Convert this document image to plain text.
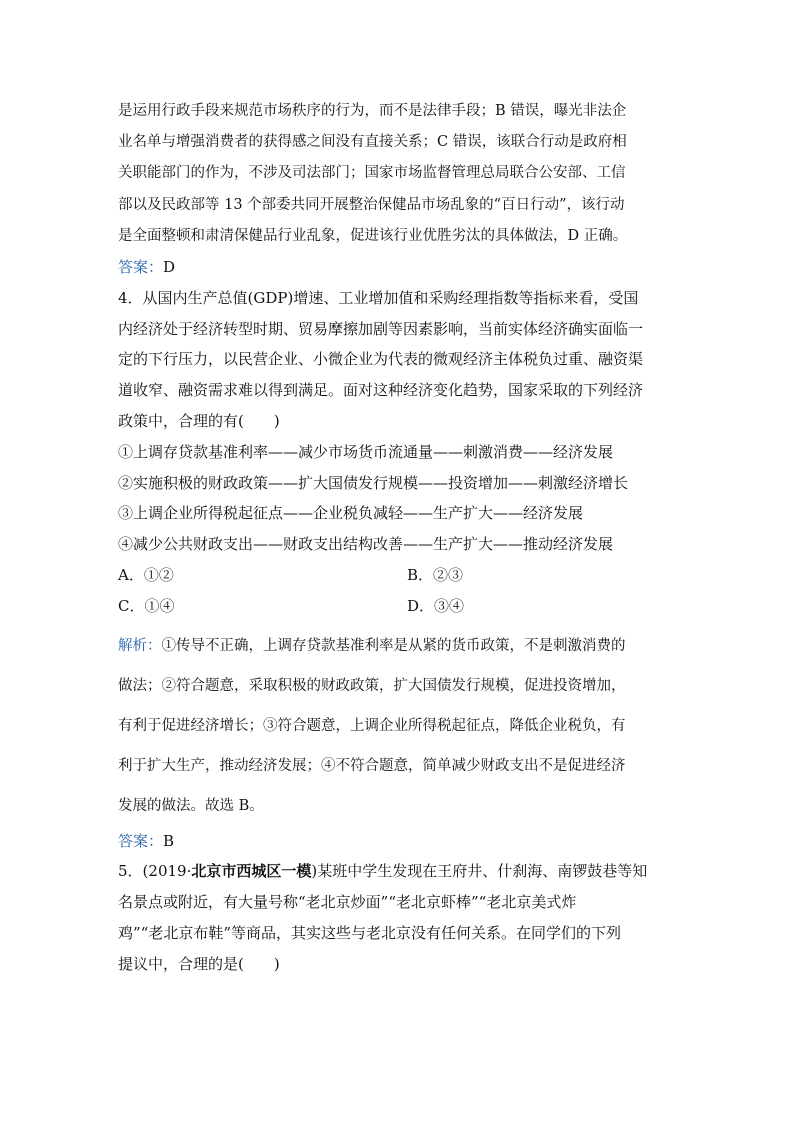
是运用行政手段来规范市场秩序的行为，而不是法律手段；B 错误，曝光非法企
业名单与增强消费者的获得感之间没有直接关系；C 错误，该联合行动是政府相
关职能部门的作为，不涉及司法部门；国家市场监督管理总局联合公安部、工信
部以及民政部等 13 个部委共同开展整治保健品市场乱象的“百日行动”，该行动
是全面整顿和肃清保健品行业乱象，促进该行业优胜劣汰的具体做法，D 正确。
答案：D
4．从国内生产总值(GDP)增速、工业增加值和采购经理指数等指标来看，受国
内经济处于经济转型时期、贸易摩擦加剧等因素影响，当前实体经济确实面临一
定的下行压力，以民营企业、小微企业为代表的微观经济主体税负过重、融资渠
道收窄、融资需求难以得到满足。面对这种经济变化趋势，国家采取的下列经济
政策中，合理的有(　　)
①上调存贷款基准利率——减少市场货币流通量——刺激消费——经济发展
②实施积极的财政政策——扩大国债发行规模——投资增加——刺激经济增长
③上调企业所得税起征点——企业税负减轻——生产扩大——经济发展
④减少公共财政支出——财政支出结构改善——生产扩大——推动经济发展
A．①②	B．②③
C．①④	D．③④
解析：①传导不正确，上调存贷款基准利率是从紧的货币政策，不是刺激消费的
做法；②符合题意，采取积极的财政政策，扩大国债发行规模，促进投资增加，
有利于促进经济增长；③符合题意，上调企业所得税起征点，降低企业税负，有
利于扩大生产，推动经济发展；④不符合题意，简单减少财政支出不是促进经济
发展的做法。故选 B。
答案：B
5．(2019·北京市西城区一模)某班中学生发现在王府井、什刹海、南锣鼓巷等知
名景点或附近，有大量号称“老北京炒面”“老北京虾棒”“老北京美式炸
鸡”“老北京布鞋”等商品，其实这些与老北京没有任何关系。在同学们的下列
提议中，合理的是(　　)
